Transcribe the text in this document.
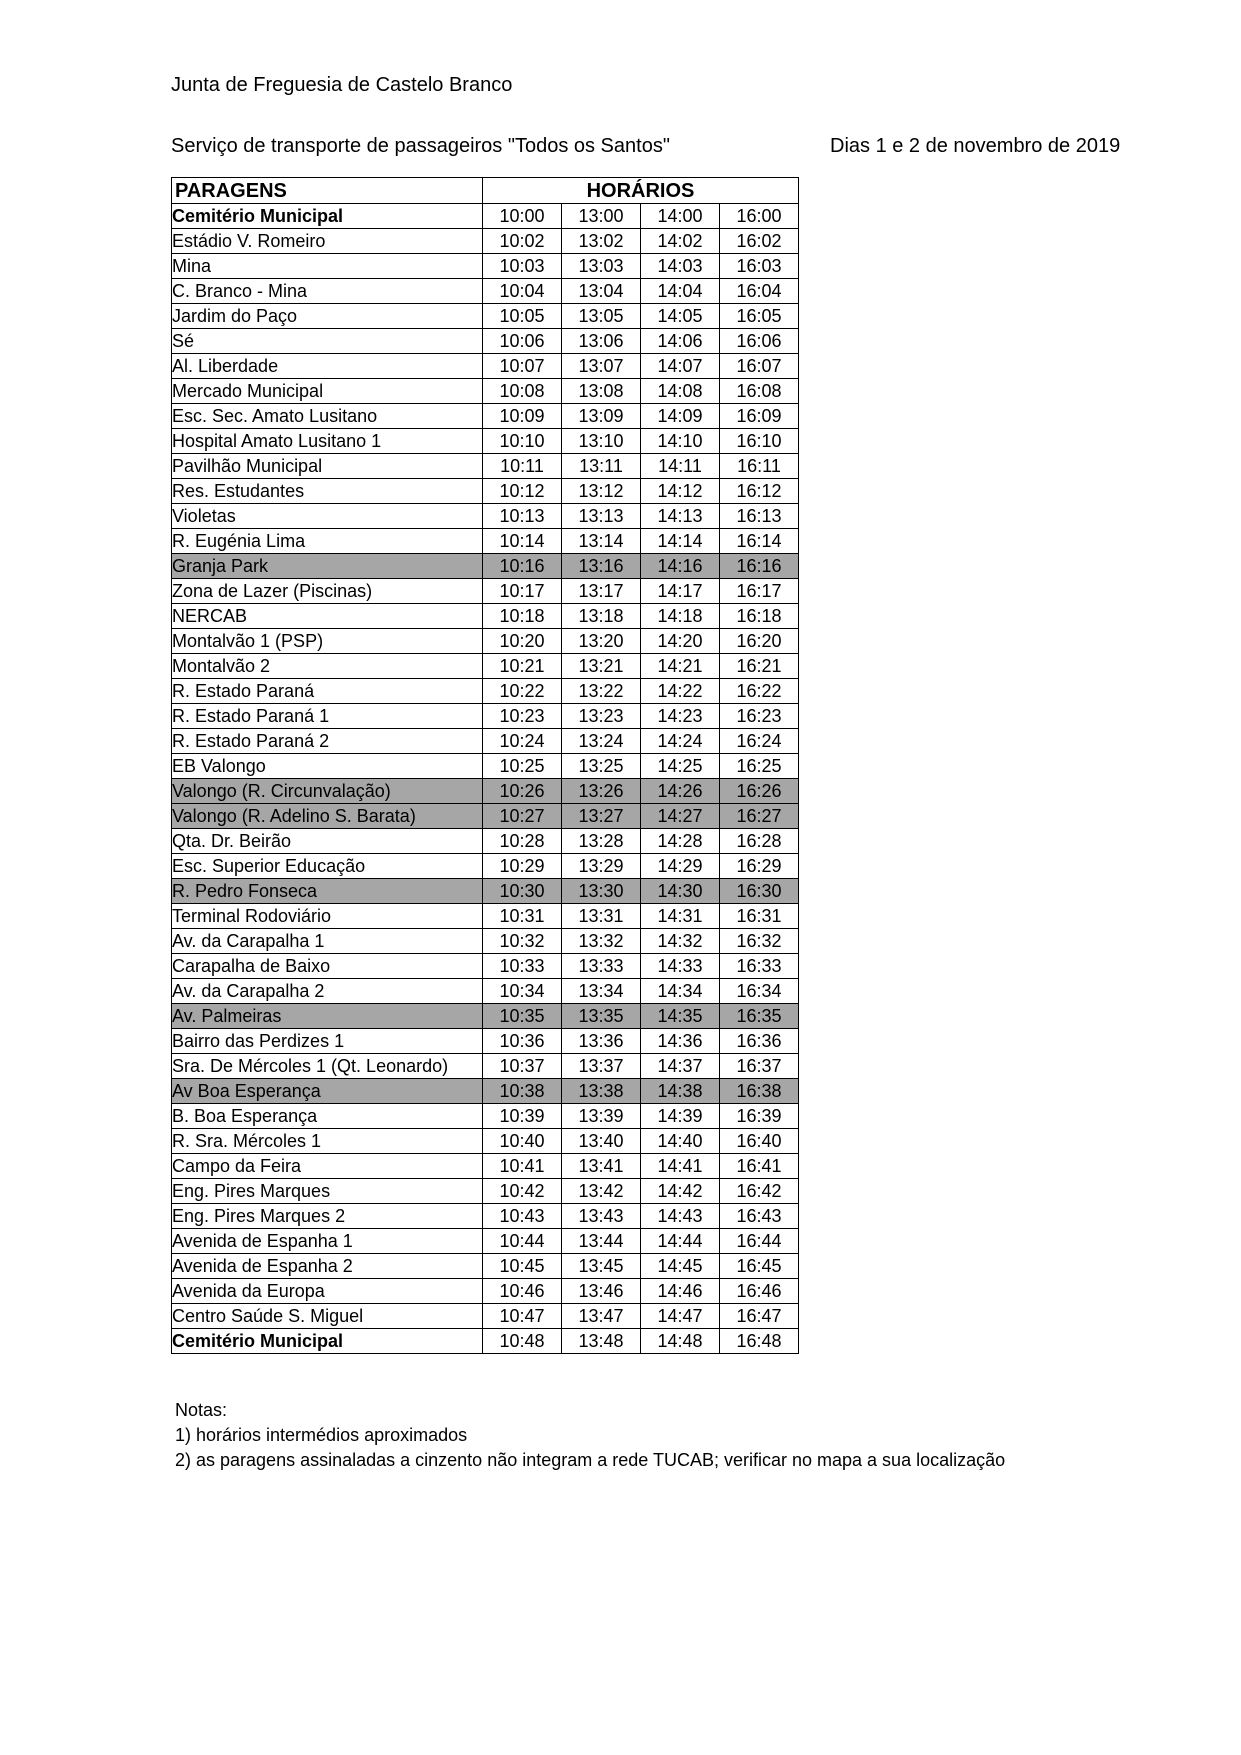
Junta de Freguesia de Castelo Branco
Serviço de transporte de passageiros "Todos os Santos"	Dias 1 e 2 de novembro de 2019
PARAGENS	HORÁRIOS			
Cemitério Municipal	10:00	13:00	14:00	16:00
Estádio V. Romeiro	10:02	13:02	14:02	16:02
Mina	10:03	13:03	14:03	16:03
C. Branco - Mina	10:04	13:04	14:04	16:04
Jardim do Paço	10:05	13:05	14:05	16:05
Sé	10:06	13:06	14:06	16:06
Al. Liberdade	10:07	13:07	14:07	16:07
Mercado Municipal	10:08	13:08	14:08	16:08
Esc. Sec. Amato Lusitano	10:09	13:09	14:09	16:09
Hospital Amato Lusitano 1	10:10	13:10	14:10	16:10
Pavilhão Municipal	10:11	13:11	14:11	16:11
Res. Estudantes	10:12	13:12	14:12	16:12
Violetas	10:13	13:13	14:13	16:13
R. Eugénia Lima	10:14	13:14	14:14	16:14
Granja Park	10:16	13:16	14:16	16:16
Zona de Lazer (Piscinas)	10:17	13:17	14:17	16:17
NERCAB	10:18	13:18	14:18	16:18
Montalvão 1 (PSP)	10:20	13:20	14:20	16:20
Montalvão 2	10:21	13:21	14:21	16:21
R. Estado Paraná	10:22	13:22	14:22	16:22
R. Estado Paraná 1	10:23	13:23	14:23	16:23
R. Estado Paraná 2	10:24	13:24	14:24	16:24
EB Valongo	10:25	13:25	14:25	16:25
Valongo (R. Circunvalação)	10:26	13:26	14:26	16:26
Valongo (R. Adelino S. Barata)	10:27	13:27	14:27	16:27
Qta. Dr. Beirão	10:28	13:28	14:28	16:28
Esc. Superior Educação	10:29	13:29	14:29	16:29
R. Pedro Fonseca	10:30	13:30	14:30	16:30
Terminal Rodoviário	10:31	13:31	14:31	16:31
Av. da Carapalha 1	10:32	13:32	14:32	16:32
Carapalha de Baixo	10:33	13:33	14:33	16:33
Av. da Carapalha 2	10:34	13:34	14:34	16:34
Av. Palmeiras	10:35	13:35	14:35	16:35
Bairro das Perdizes 1	10:36	13:36	14:36	16:36
Sra. De Mércoles 1 (Qt. Leonardo)	10:37	13:37	14:37	16:37
Av Boa Esperança	10:38	13:38	14:38	16:38
B. Boa Esperança	10:39	13:39	14:39	16:39
R. Sra. Mércoles 1	10:40	13:40	14:40	16:40
Campo da Feira	10:41	13:41	14:41	16:41
Eng. Pires Marques	10:42	13:42	14:42	16:42
Eng. Pires Marques 2	10:43	13:43	14:43	16:43
Avenida de Espanha 1	10:44	13:44	14:44	16:44
Avenida de Espanha 2	10:45	13:45	14:45	16:45
Avenida da Europa	10:46	13:46	14:46	16:46
Centro Saúde S. Miguel	10:47	13:47	14:47	16:47
Cemitério Municipal	10:48	13:48	14:48	16:48
Notas:
1) horários intermédios aproximados
2) as paragens assinaladas a cinzento não integram a rede TUCAB; verificar no mapa a sua localização
